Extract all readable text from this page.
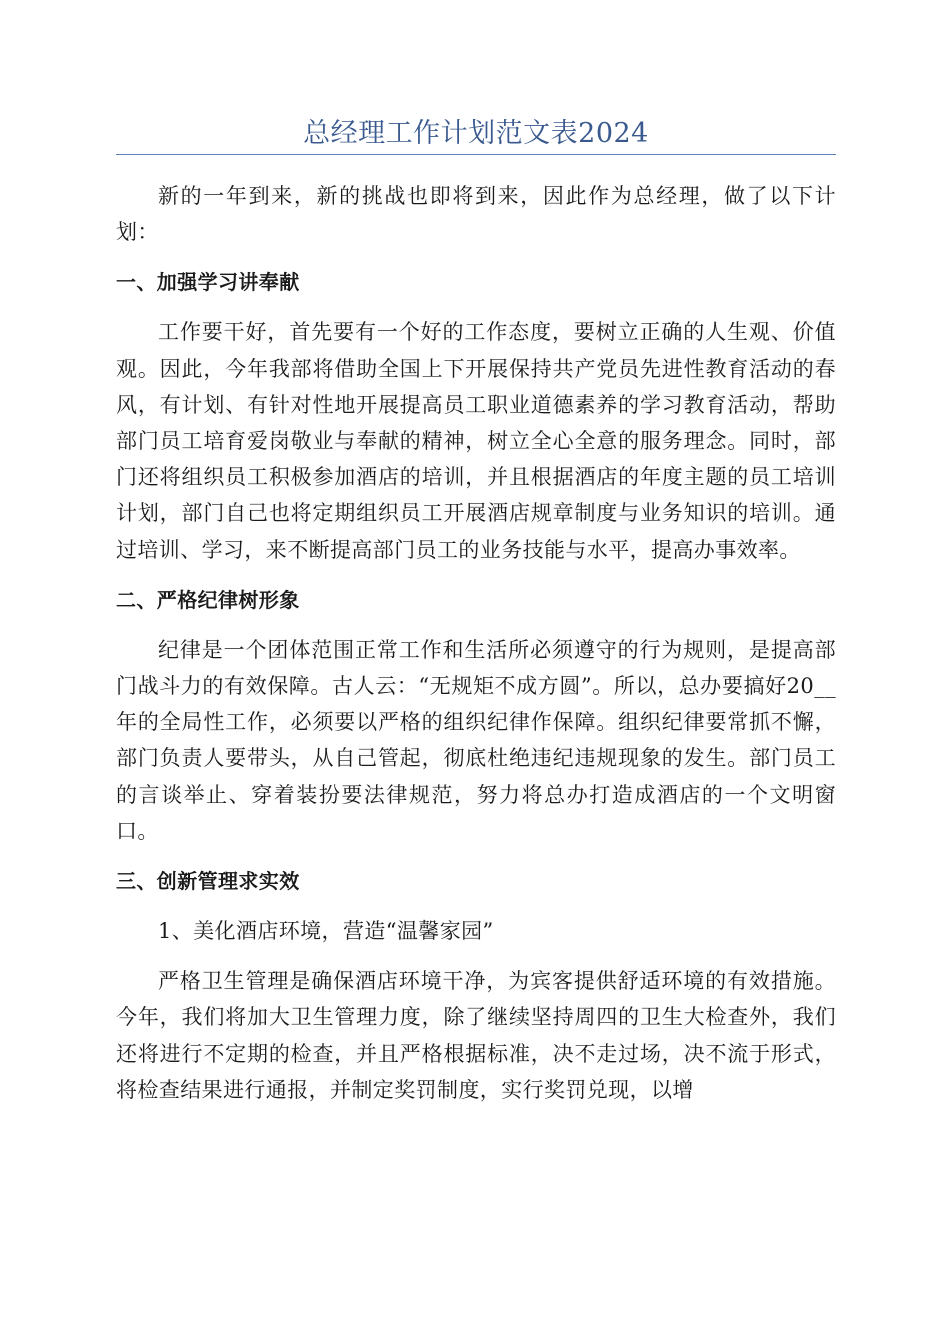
总经理工作计划范文表2024

新的一年到来，新的挑战也即将到来，因此作为总经理，做了以下计划：

一、加强学习讲奉献

工作要干好，首先要有一个好的工作态度，要树立正确的人生观、价值观。因此，今年我部将借助全国上下开展保持共产党员先进性教育活动的春风，有计划、有针对性地开展提高员工职业道德素养的学习教育活动，帮助部门员工培育爱岗敬业与奉献的精神，树立全心全意的服务理念。同时，部门还将组织员工积极参加酒店的培训，并且根据酒店的年度主题的员工培训计划，部门自己也将定期组织员工开展酒店规章制度与业务知识的培训。通过培训、学习，来不断提高部门员工的业务技能与水平，提高办事效率。

二、严格纪律树形象

纪律是一个团体范围正常工作和生活所必须遵守的行为规则，是提高部门战斗力的有效保障。古人云：“无规矩不成方圆”。所以，总办要搞好20__年的全局性工作，必须要以严格的组织纪律作保障。组织纪律要常抓不懈，部门负责人要带头，从自己管起，彻底杜绝违纪违规现象的发生。部门员工的言谈举止、穿着装扮要法律规范，努力将总办打造成酒店的一个文明窗口。

三、创新管理求实效

1、美化酒店环境，营造“温馨家园”

严格卫生管理是确保酒店环境干净，为宾客提供舒适环境的有效措施。今年，我们将加大卫生管理力度，除了继续坚持周四的卫生大检查外，我们还将进行不定期的检查，并且严格根据标准，决不走过场，决不流于形式，将检查结果进行通报，并制定奖罚制度，实行奖罚兑现，以增
